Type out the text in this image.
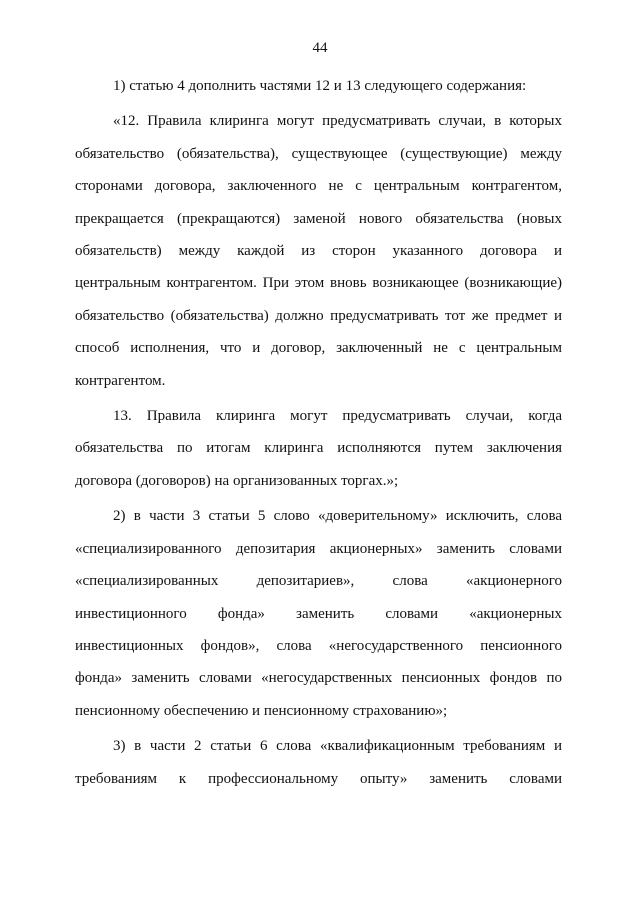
44

1) статью 4 дополнить частями 12 и 13 следующего содержания:

«12. Правила клиринга могут предусматривать случаи, в которых
обязательство (обязательства), существующее (существующие) между
сторонами договора, заключенного не с центральным контрагентом,
прекращается (прекращаются) заменой нового обязательства (новых
обязательств) между каждой из сторон указанного договора и
центральным контрагентом. При этом вновь возникающее (возникающие)
обязательство (обязательства) должно предусматривать тот же предмет и
способ исполнения, что и договор, заключенный не с центральным
контрагентом.

13. Правила клиринга могут предусматривать случаи, когда
обязательства по итогам клиринга исполняются путем заключения
договора (договоров) на организованных торгах.»;

2) в части 3 статьи 5 слово «доверительному» исключить, слова
«специализированного депозитария акционерных» заменить словами
«специализированных депозитариев», слова «акционерного
инвестиционного фонда» заменить словами «акционерных
инвестиционных фондов», слова «негосударственного пенсионного
фонда» заменить словами «негосударственных пенсионных фондов по
пенсионному обеспечению и пенсионному страхованию»;

3) в части 2 статьи 6 слова «квалификационным требованиям и
требованиям к профессиональному опыту» заменить словами
